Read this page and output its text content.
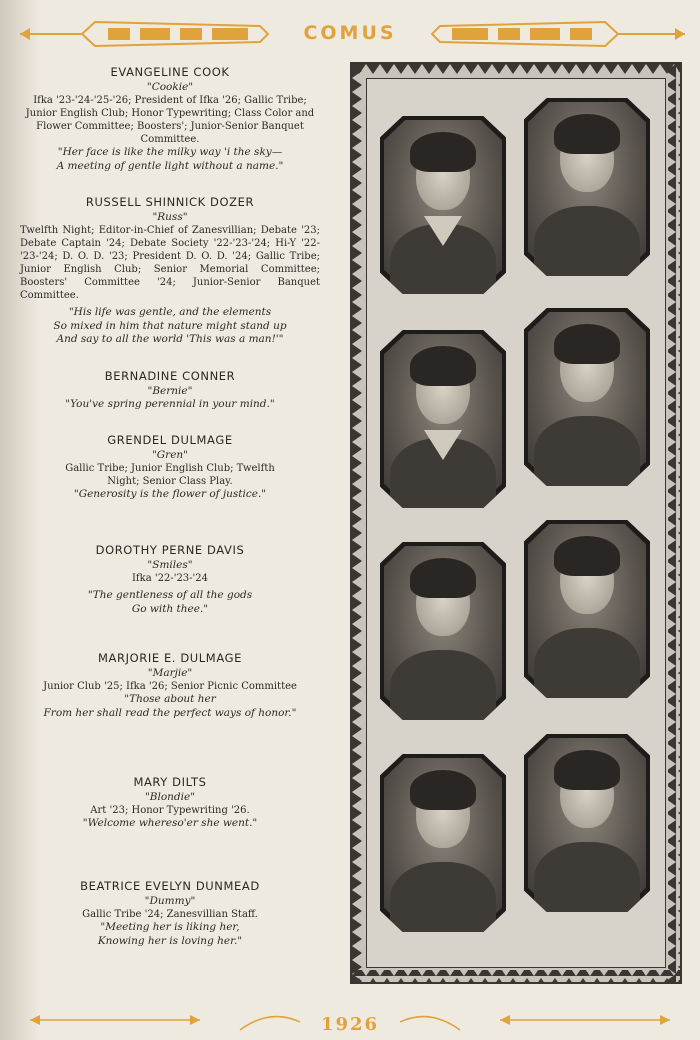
COMUS
EVANGELINE COOK
"Cookie"
Ifka '23-'24-'25-'26; President of Ifka '26; Gallic Tribe; Junior English Club; Honor Typewriting; Class Color and Flower Committee; Boosters'; Junior-Senior Banquet Committee.
"Her face is like the milky way 'i the sky—
A meeting of gentle light without a name."
RUSSELL SHINNICK DOZER
"Russ"
Twelfth Night; Editor-in-Chief of Zanesvillian; Debate '23; Debate Captain '24; Debate Society '22-'23-'24; Hi-Y '22-'23-'24; D. O. D. '23; President D. O. D. '24; Gallic Tribe; Junior English Club; Senior Memorial Committee; Boosters' Committee '24; Junior-Senior Banquet Committee.
"His life was gentle, and the elements
So mixed in him that nature might stand up
And say to all the world 'This was a man!'"
BERNADINE CONNER
"Bernie"
"You've spring perennial in your mind."
GRENDEL DULMAGE
"Gren"
Gallic Tribe; Junior English Club; Twelfth Night; Senior Class Play.
"Generosity is the flower of justice."
DOROTHY PERNE DAVIS
"Smiles"
Ifka '22-'23-'24
"The gentleness of all the gods
Go with thee."
MARJORIE E. DULMAGE
"Marjie"
Junior Club '25; Ifka '26; Senior Picnic Committee
"Those about her
From her shall read the perfect ways of honor."
MARY DILTS
"Blondie"
Art '23; Honor Typewriting '26.
"Welcome whereso'er she went."
BEATRICE EVELYN DUNMEAD
"Dummy"
Gallic Tribe '24; Zanesvillian Staff.
"Meeting her is liking her,
Knowing her is loving her."
1926
